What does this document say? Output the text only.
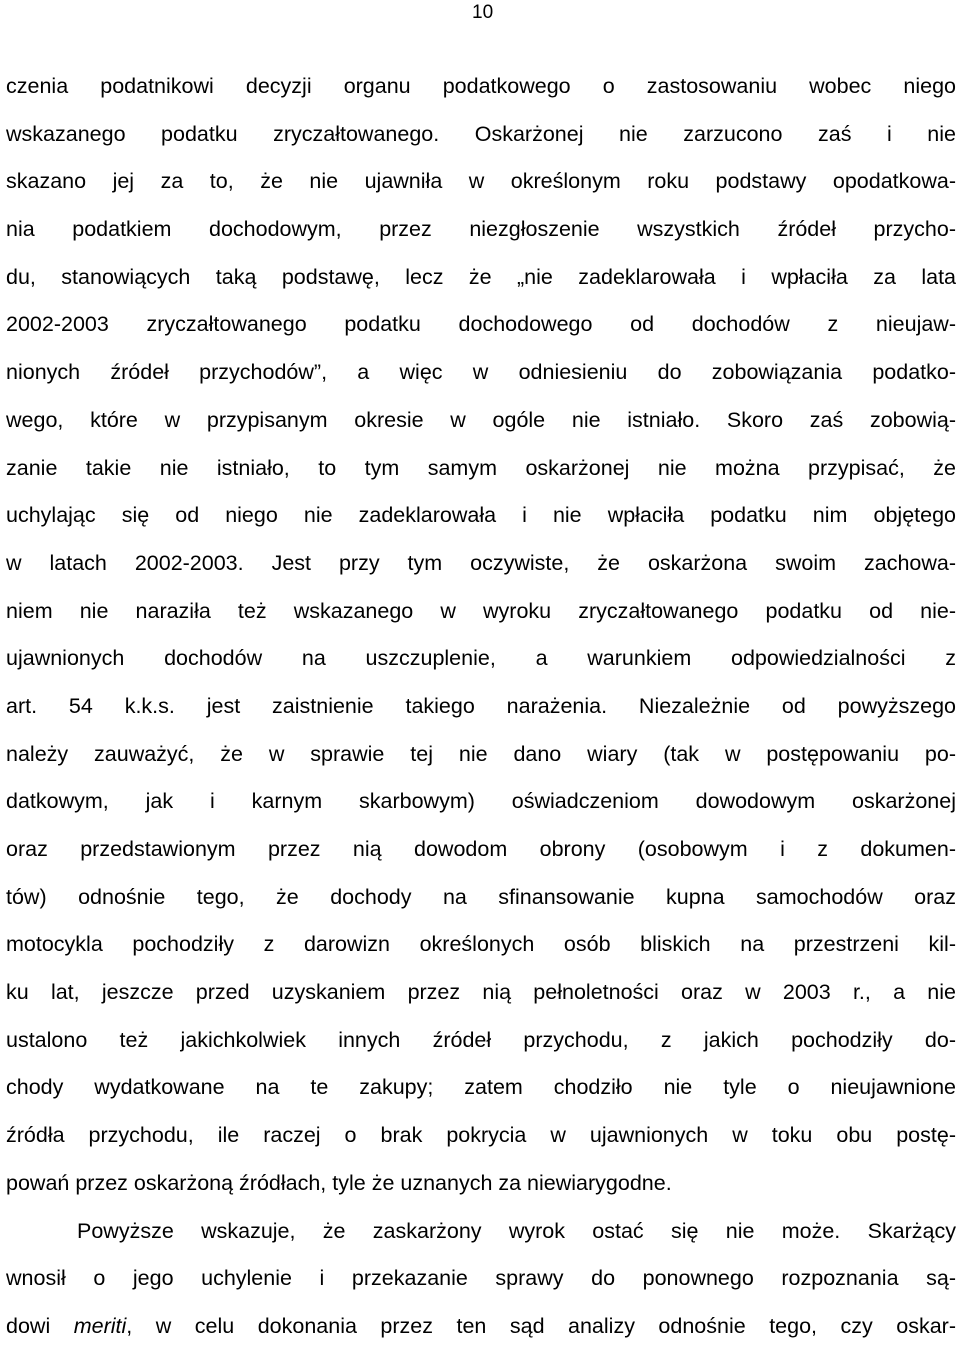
10
czenia podatnikowi decyzji organu podatkowego o zastosowaniu wobec niego
wskazanego podatku zryczałtowanego. Oskarżonej nie zarzucono zaś i nie
skazano jej za to, że nie ujawniła w określonym roku podstawy opodatkowa-
nia podatkiem dochodowym, przez niezgłoszenie wszystkich źródeł przycho-
du, stanowiących taką podstawę, lecz że „nie zadeklarowała i wpłaciła za lata
2002-2003 zryczałtowanego podatku dochodowego od dochodów z nieujaw-
nionych źródeł przychodów”, a więc w odniesieniu do zobowiązania podatko-
wego, które w przypisanym okresie w ogóle nie istniało. Skoro zaś zobowią-
zanie takie nie istniało, to tym samym oskarżonej nie można przypisać, że
uchylając się od niego nie zadeklarowała i nie wpłaciła podatku nim objętego
w latach 2002-2003. Jest przy tym oczywiste, że oskarżona swoim zachowa-
niem nie naraziła też wskazanego w wyroku zryczałtowanego podatku od nie-
ujawnionych dochodów na uszczuplenie, a warunkiem odpowiedzialności z
art. 54 k.k.s. jest zaistnienie takiego narażenia. Niezależnie od powyższego
należy zauważyć, że w sprawie tej nie dano wiary (tak w postępowaniu po-
datkowym, jak i karnym skarbowym) oświadczeniom dowodowym oskarżonej
oraz przedstawionym przez nią dowodom obrony (osobowym i z dokumen-
tów) odnośnie tego, że dochody na sfinansowanie kupna samochodów oraz
motocykla pochodziły z darowizn określonych osób bliskich na przestrzeni kil-
ku lat, jeszcze przed uzyskaniem przez nią pełnoletności oraz w 2003 r., a nie
ustalono też jakichkolwiek innych źródeł przychodu, z jakich pochodziły do-
chody wydatkowane na te zakupy; zatem chodziło nie tyle o nieujawnione
źródła przychodu, ile raczej o brak pokrycia w ujawnionych w toku obu postę-
powań przez oskarżoną źródłach, tyle że uznanych za niewiarygodne.
Powyższe wskazuje, że zaskarżony wyrok ostać się nie może. Skarżący
wnosił o jego uchylenie i przekazanie sprawy do ponownego rozpoznania są-
dowi meriti, w celu dokonania przez ten sąd analizy odnośnie tego, czy oskar-
